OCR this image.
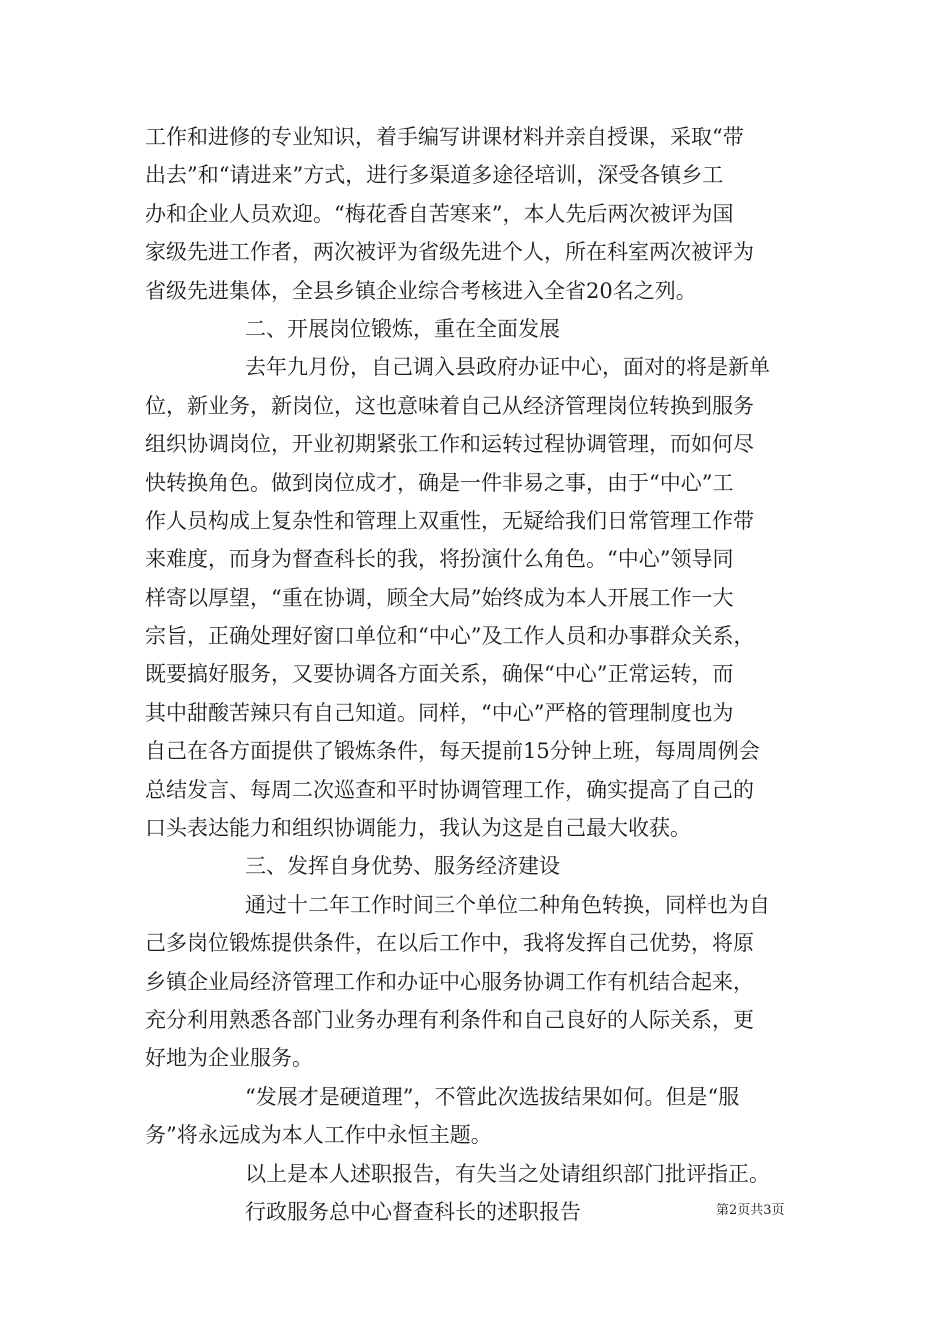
工作和进修的专业知识，着手编写讲课材料并亲自授课，采取“带
出去”和“请进来”方式，进行多渠道多途径培训，深受各镇乡工
办和企业人员欢迎。“梅花香自苦寒来”，本人先后两次被评为国
家级先进工作者，两次被评为省级先进个人，所在科室两次被评为
省级先进集体，全县乡镇企业综合考核进入全省20名之列。
二、开展岗位锻炼，重在全面发展
去年九月份，自己调入县政府办证中心，面对的将是新单
位，新业务，新岗位，这也意味着自己从经济管理岗位转换到服务
组织协调岗位，开业初期紧张工作和运转过程协调管理，而如何尽
快转换角色。做到岗位成才，确是一件非易之事，由于“中心”工
作人员构成上复杂性和管理上双重性，无疑给我们日常管理工作带
来难度，而身为督查科长的我，将扮演什么角色。“中心”领导同
样寄以厚望，“重在协调，顾全大局”始终成为本人开展工作一大
宗旨，正确处理好窗口单位和“中心”及工作人员和办事群众关系，
既要搞好服务，又要协调各方面关系，确保“中心”正常运转，而
其中甜酸苦辣只有自己知道。同样，“中心”严格的管理制度也为
自己在各方面提供了锻炼条件，每天提前15分钟上班，每周周例会
总结发言、每周二次巡查和平时协调管理工作，确实提高了自己的
口头表达能力和组织协调能力，我认为这是自己最大收获。
三、发挥自身优势、服务经济建设
通过十二年工作时间三个单位二种角色转换，同样也为自
己多岗位锻炼提供条件，在以后工作中，我将发挥自己优势，将原
乡镇企业局经济管理工作和办证中心服务协调工作有机结合起来，
充分利用熟悉各部门业务办理有利条件和自己良好的人际关系，更
好地为企业服务。
“发展才是硬道理”，不管此次选拔结果如何。但是“服
务”将永远成为本人工作中永恒主题。
以上是本人述职报告，有失当之处请组织部门批评指正。
行政服务总中心督查科长的述职报告	第2页共3页
